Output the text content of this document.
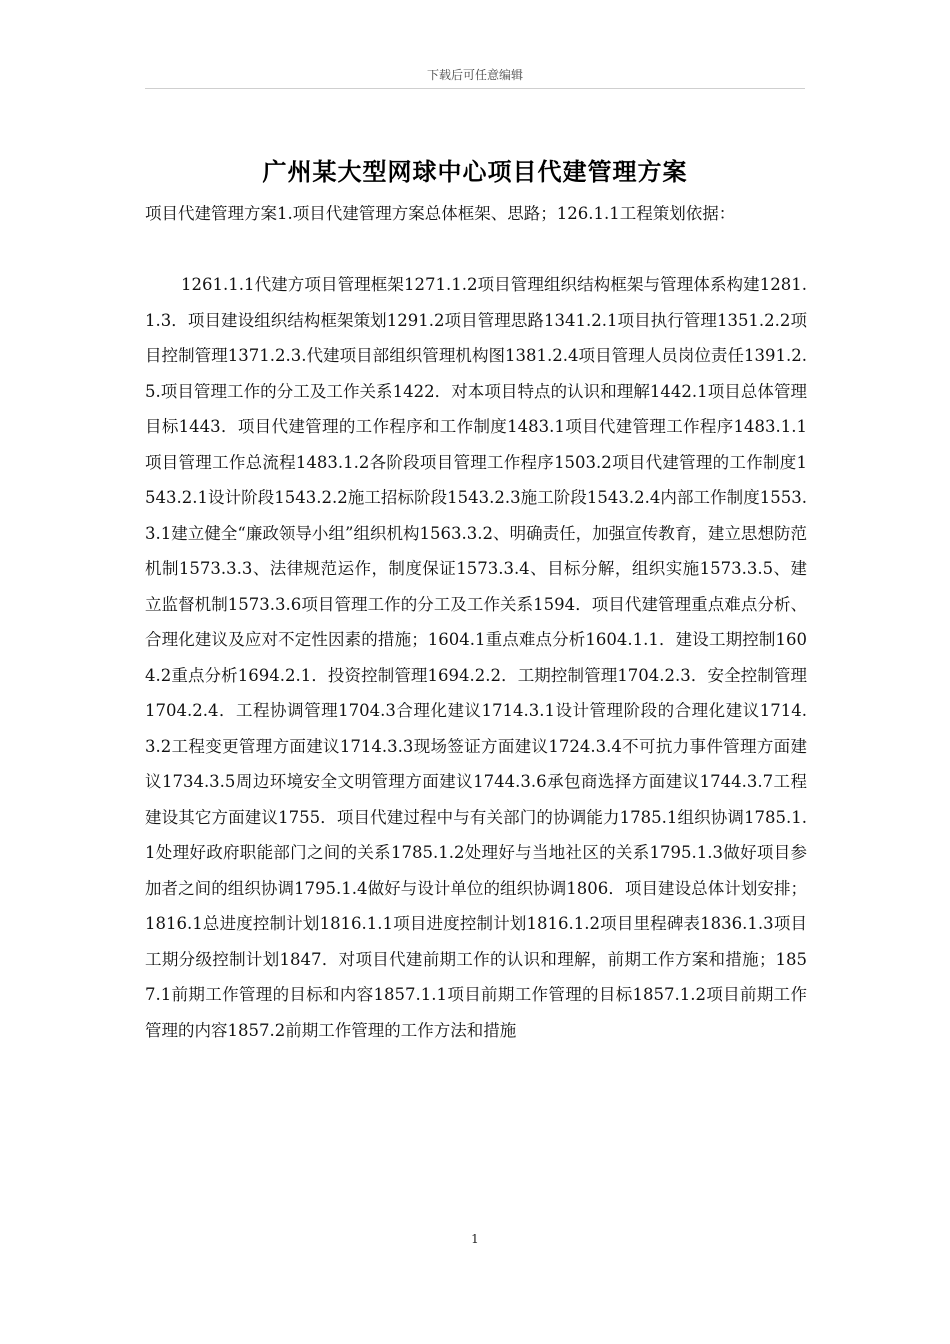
下载后可任意编辑
广州某大型网球中心项目代建管理方案

项目代建管理方案1.项目代建管理方案总体框架、思路；126.1.1工程策划依据：

1261.1.1代建方项目管理框架1271.1.2项目管理组织结构框架与管理体系构建1281.1.3．项目建设组织结构框架策划1291.2项目管理思路1341.2.1项目执行管理1351.2.2项目控制管理1371.2.3.代建项目部组织管理机构图1381.2.4项目管理人员岗位责任1391.2.5.项目管理工作的分工及工作关系1422．对本项目特点的认识和理解1442.1项目总体管理目标1443．项目代建管理的工作程序和工作制度1483.1项目代建管理工作程序1483.1.1项目管理工作总流程1483.1.2各阶段项目管理工作程序1503.2项目代建管理的工作制度1543.2.1设计阶段1543.2.2施工招标阶段1543.2.3施工阶段1543.2.4内部工作制度1553.3.1建立健全“廉政领导小组”组织机构1563.3.2、明确责任，加强宣传教育，建立思想防范机制1573.3.3、法律规范运作，制度保证1573.3.4、目标分解，组织实施1573.3.5、建立监督机制1573.3.6项目管理工作的分工及工作关系1594．项目代建管理重点难点分析、合理化建议及应对不定性因素的措施；1604.1重点难点分析1604.1.1．建设工期控制1604.2重点分析1694.2.1．投资控制管理1694.2.2．工期控制管理1704.2.3．安全控制管理1704.2.4．工程协调管理1704.3合理化建议1714.3.1设计管理阶段的合理化建议1714.3.2工程变更管理方面建议1714.3.3现场签证方面建议1724.3.4不可抗力事件管理方面建议1734.3.5周边环境安全文明管理方面建议1744.3.6承包商选择方面建议1744.3.7工程建设其它方面建议1755．项目代建过程中与有关部门的协调能力1785.1组织协调1785.1.1处理好政府职能部门之间的关系1785.1.2处理好与当地社区的关系1795.1.3做好项目参加者之间的组织协调1795.1.4做好与设计单位的组织协调1806．项目建设总体计划安排；1816.1总进度控制计划1816.1.1项目进度控制计划1816.1.2项目里程碑表1836.1.3项目工期分级控制计划1847．对项目代建前期工作的认识和理解，前期工作方案和措施；1857.1前期工作管理的目标和内容1857.1.1项目前期工作管理的目标1857.1.2项目前期工作管理的内容1857.2前期工作管理的工作方法和措施

1
